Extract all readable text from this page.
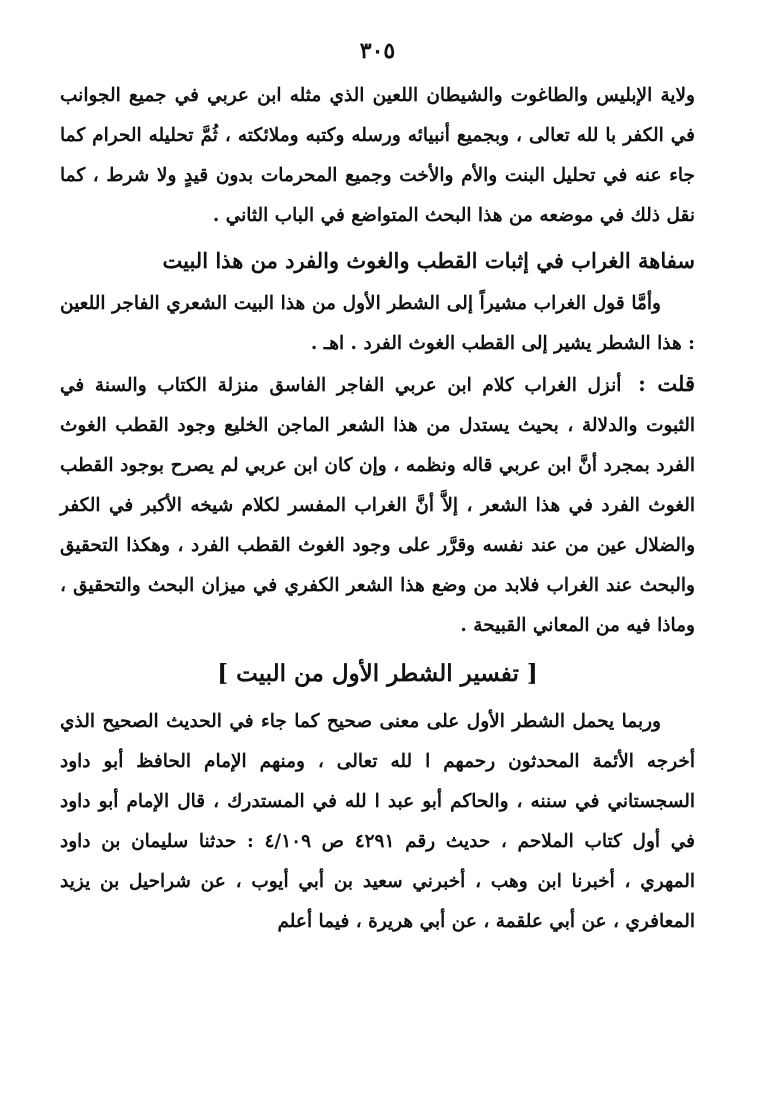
٣٠٥

ولاية الإبليس والطاغوت والشيطان اللعين الذي مثله ابن عربي في جميع الجوانب في الكفر با لله تعالى ، وبجميع أنبيائه ورسله وكتبه وملائكته ، ثُمَّ تحليله الحرام كما جاء عنه في تحليل البنت والأم والأخت وجميع المحرمات بدون قيدٍ ولا شرط ، كما نقل ذلك في موضعه من هذا البحث المتواضع في الباب الثاني .

سفاهة الغراب في إثبات القطب والغوث والفرد من هذا البيت

وأمَّا قول الغراب مشيراً إلى الشطر الأول من هذا البيت الشعري الفاجر اللعين : هذا الشطر يشير إلى القطب الغوث الفرد . اهـ .

قلت : أنزل الغراب كلام ابن عربي الفاجر الفاسق منزلة الكتاب والسنة في الثبوت والدلالة ، بحيث يستدل من هذا الشعر الماجن الخليع وجود القطب الغوث الفرد بمجرد أنَّ ابن عربي قاله ونظمه ، وإن كان ابن عربي لم يصرح بوجود القطب الغوث الفرد في هذا الشعر ، إلاَّ أنَّ الغراب المفسر لكلام شيخه الأكبر في الكفر والضلال عين من عند نفسه وقرَّر على وجود الغوث القطب الفرد ، وهكذا التحقيق والبحث عند الغراب فلابد من وضع هذا الشعر الكفري في ميزان البحث والتحقيق ، وماذا فيه من المعاني القبيحة .

[ تفسير الشطر الأول من البيت ]

وربما يحمل الشطر الأول على معنى صحيح كما جاء في الحديث الصحيح الذي أخرجه الأئمة المحدثون رحمهم ا لله تعالى ، ومنهم الإمام الحافظ أبو داود السجستاني في سننه ، والحاكم أبو عبد ا لله في المستدرك ، قال الإمام أبو داود في أول كتاب الملاحم ، حديث رقم ٤٢٩١ ص ٤/١٠٩ : حدثنا سليمان بن داود المهري ، أخبرنا ابن وهب ، أخبرني سعيد بن أبي أيوب ، عن شراحيل بن يزيد المعافري ، عن أبي علقمة ، عن أبي هريرة ، فيما أعلم
